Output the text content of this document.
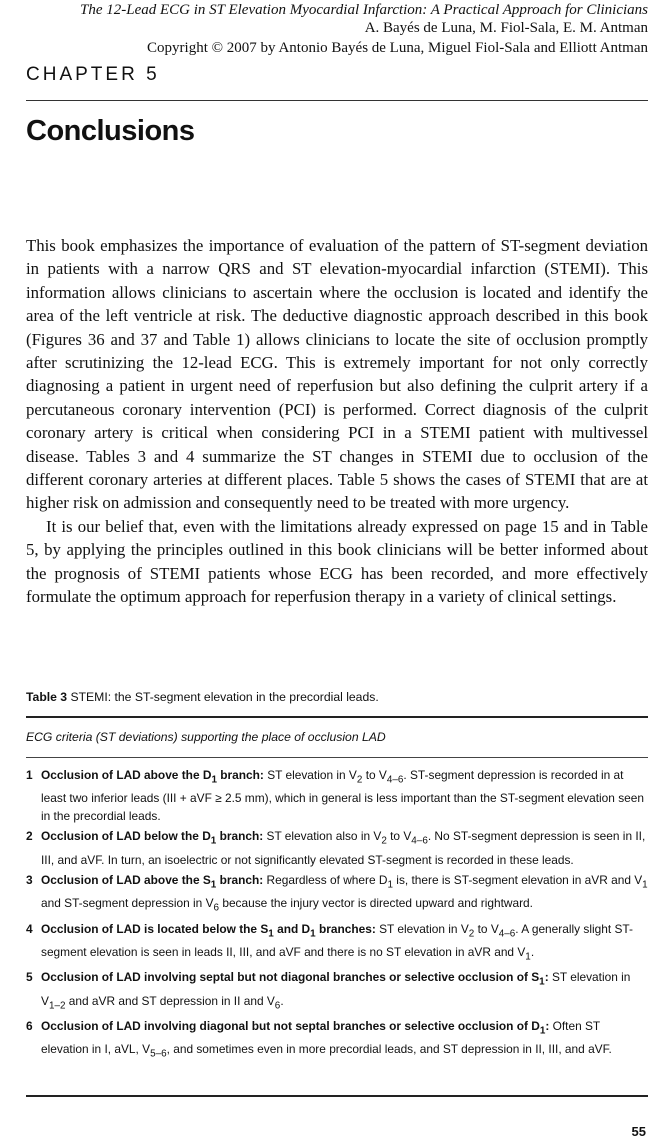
The 12-Lead ECG in ST Elevation Myocardial Infarction: A Practical Approach for Clinicians
A. Bayés de Luna, M. Fiol-Sala, E. M. Antman
Copyright © 2007 by Antonio Bayés de Luna, Miguel Fiol-Sala and Elliott Antman
CHAPTER 5
Conclusions

This book emphasizes the importance of evaluation of the pattern of ST-segment deviation in patients with a narrow QRS and ST elevation-myocardial infarction (STEMI). This information allows clinicians to ascertain where the occlusion is located and identify the area of the left ventricle at risk. The deductive diagnostic approach described in this book (Figures 36 and 37 and Table 1) allows clinicians to locate the site of occlusion promptly after scrutinizing the 12-lead ECG. This is extremely important for not only correctly diagnosing a patient in urgent need of reperfusion but also defining the culprit artery if a percutaneous coronary intervention (PCI) is performed. Correct diagnosis of the culprit coronary artery is critical when considering PCI in a STEMI patient with multivessel disease. Tables 3 and 4 summarize the ST changes in STEMI due to occlusion of the different coronary arteries at different places. Table 5 shows the cases of STEMI that are at higher risk on admission and consequently need to be treated with more urgency.

It is our belief that, even with the limitations already expressed on page 15 and in Table 5, by applying the principles outlined in this book clinicians will be better informed about the prognosis of STEMI patients whose ECG has been recorded, and more effectively formulate the optimum approach for reperfusion therapy in a variety of clinical settings.

Table 3 STEMI: the ST-segment elevation in the precordial leads.
ECG criteria (ST deviations) supporting the place of occlusion LAD
1 Occlusion of LAD above the $D_1$ branch: ST elevation in $V_2$ to $V_{4-6}$. ST-segment depression is recorded in at least two inferior leads (III + aVF ≥ 2.5 mm), which in general is less important than the ST-segment elevation seen in the precordial leads.
2 Occlusion of LAD below the $D_1$ branch: ST elevation also in $V_2$ to $V_{4-6}$. No ST-segment depression is seen in II, III, and aVF. In turn, an isoelectric or not significantly elevated ST-segment is recorded in these leads.
3 Occlusion of LAD above the $S_1$ branch: Regardless of where $D_1$ is, there is ST-segment elevation in aVR and $V_1$ and ST-segment depression in $V_6$ because the injury vector is directed upward and rightward.
4 Occlusion of LAD is located below the $S_1$ and $D_1$ branches: ST elevation in $V_2$ to $V_{4-6}$. A generally slight ST-segment elevation is seen in leads II, III, and aVF and there is no ST elevation in aVR and $V_1$.
5 Occlusion of LAD involving septal but not diagonal branches or selective occlusion of $S_1$: ST elevation in $V_{1-2}$ and aVR and ST depression in II and $V_6$.
6 Occlusion of LAD involving diagonal but not septal branches or selective occlusion of $D_1$: Often ST elevation in I, aVL, $V_{5-6}$, and sometimes even in more precordial leads, and ST depression in II, III, and aVF.
55
